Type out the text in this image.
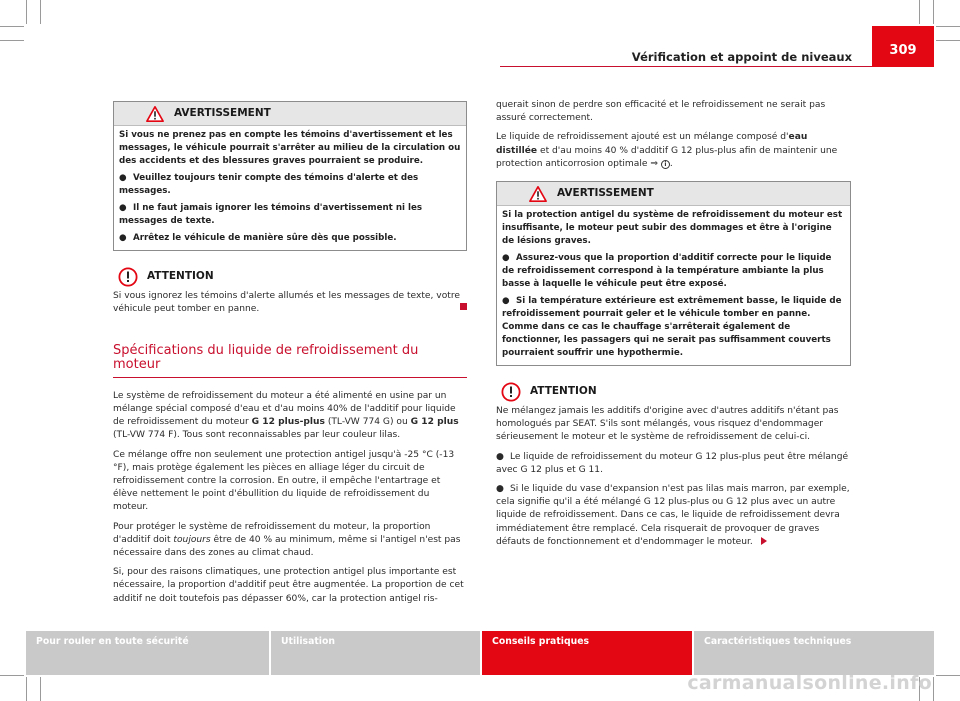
Vérification et appoint de niveaux	309
AVERTISSEMENT

Si vous ne prenez pas en compte les témoins d'avertissement et les messages, le véhicule pourrait s'arrêter au milieu de la circulation ou des accidents et des blessures graves pourraient se produire.

● Veuillez toujours tenir compte des témoins d'alerte et des messages.

● Il ne faut jamais ignorer les témoins d'avertissement ni les messages de texte.

● Arrêtez le véhicule de manière sûre dès que possible.

ATTENTION

Si vous ignorez les témoins d'alerte allumés et les messages de texte, votre véhicule peut tomber en panne.

Spécifications du liquide de refroidissement du moteur

Le système de refroidissement du moteur a été alimenté en usine par un mélange spécial composé d'eau et d'au moins 40% de l'additif pour liquide de refroidissement du moteur G 12 plus-plus (TL-VW 774 G) ou G 12 plus (TL-VW 774 F). Tous sont reconnaissables par leur couleur lilas.

Ce mélange offre non seulement une protection antigel jusqu'à -25 °C (-13 °F), mais protège également les pièces en alliage léger du circuit de refroidissement contre la corrosion. En outre, il empêche l'entartrage et élève nettement le point d'ébullition du liquide de refroidissement du moteur.

Pour protéger le système de refroidissement du moteur, la proportion d'additif doit toujours être de 40 % au minimum, même si l'antigel n'est pas nécessaire dans des zones au climat chaud.

Si, pour des raisons climatiques, une protection antigel plus importante est nécessaire, la proportion d'additif peut être augmentée. La proportion de cet additif ne doit toutefois pas dépasser 60%, car la protection antigel ris-

querait sinon de perdre son efficacité et le refroidissement ne serait pas assuré correctement.

Le liquide de refroidissement ajouté est un mélange composé d'eau distillée et d'au moins 40 % d'additif G 12 plus-plus afin de maintenir une protection anticorrosion optimale ⇒ i .

AVERTISSEMENT

Si la protection antigel du système de refroidissement du moteur est insuffisante, le moteur peut subir des dommages et être à l'origine de lésions graves.

● Assurez-vous que la proportion d'additif correcte pour le liquide de refroidissement correspond à la température ambiante la plus basse à laquelle le véhicule peut être exposé.

● Si la température extérieure est extrêmement basse, le liquide de refroidissement pourrait geler et le véhicule tomber en panne. Comme dans ce cas le chauffage s'arrêterait également de fonctionner, les passagers qui ne serait pas suffisamment couverts pourraient souffrir une hypothermie.

ATTENTION

Ne mélangez jamais les additifs d'origine avec d'autres additifs n'étant pas homologués par SEAT. S'ils sont mélangés, vous risquez d'endommager sérieusement le moteur et le système de refroidissement de celui-ci.

● Le liquide de refroidissement du moteur G 12 plus-plus peut être mélangé avec G 12 plus et G 11.

● Si le liquide du vase d'expansion n'est pas lilas mais marron, par exemple, cela signifie qu'il a été mélangé G 12 plus-plus ou G 12 plus avec un autre liquide de refroidissement. Dans ce cas, le liquide de refroidissement devra immédiatement être remplacé. Cela risquerait de provoquer de graves défauts de fonctionnement et d'endommager le moteur.

Pour rouler en toute sécurité	Utilisation	Conseils pratiques	Caractéristiques techniques
carmanualsonline.info
